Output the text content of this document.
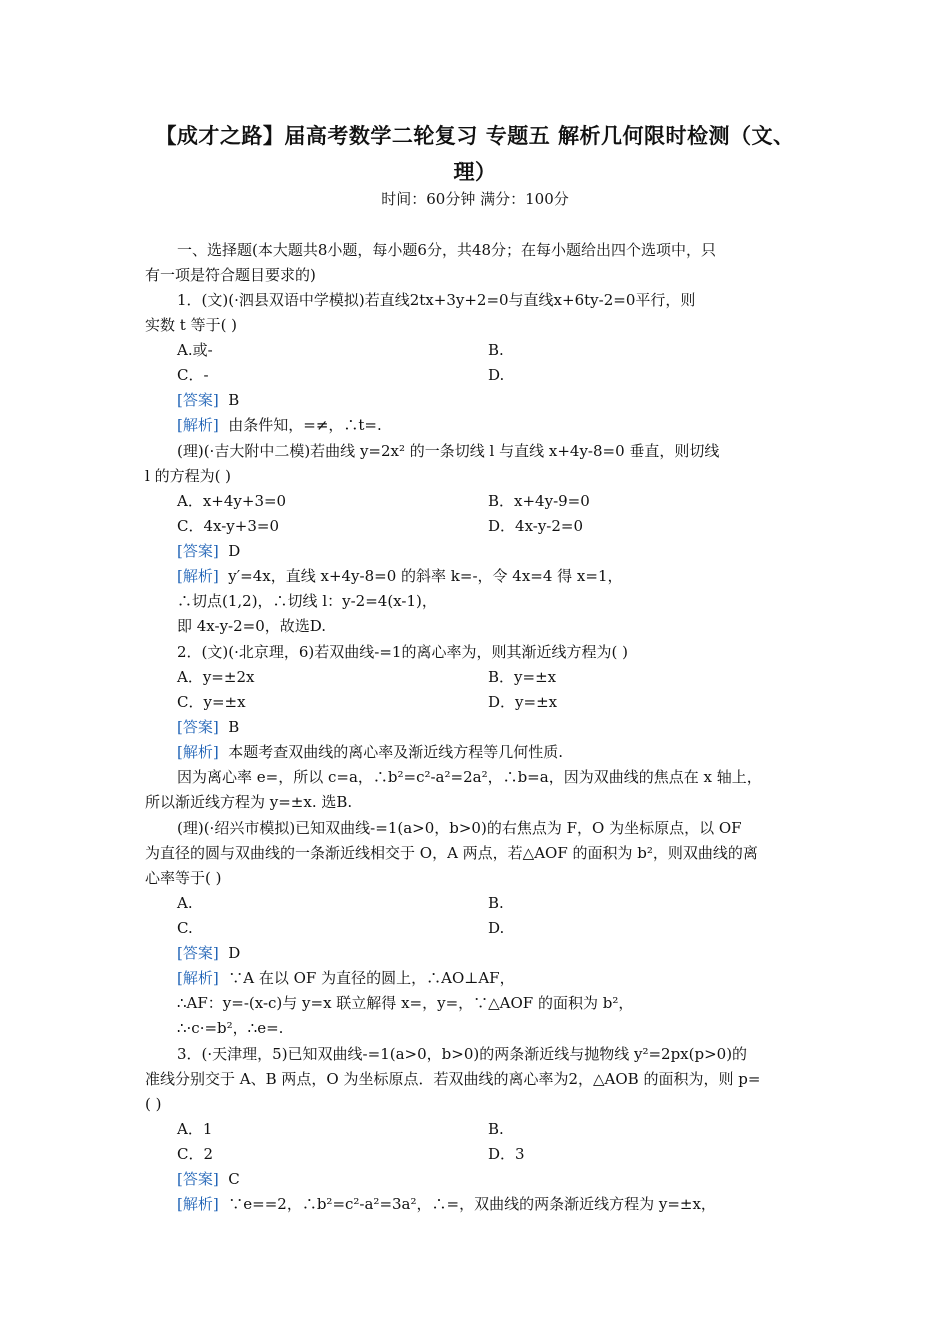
【成才之路】届高考数学二轮复习 专题五 解析几何限时检测（文、
理）
时间：60分钟 满分：100分
一、选择题(本大题共8小题，每小题6分，共48分；在每小题给出四个选项中，只
有一项是符合题目要求的)
1．(文)(·泗县双语中学模拟)若直线2tx+3y+2=0与直线x+6ty-2=0平行，则
实数 t 等于( )
A.或-	B.
C．-	D.
[答案] B
[解析] 由条件知，=≠，∴t=.
(理)(·吉大附中二模)若曲线 y=2x² 的一条切线 l 与直线 x+4y-8=0 垂直，则切线
l 的方程为( )
A．x+4y+3=0	B．x+4y-9=0
C．4x-y+3=0	D．4x-y-2=0
[答案] D
[解析] y′=4x，直线 x+4y-8=0 的斜率 k=-，令 4x=4 得 x=1，
∴切点(1,2)，∴切线 l：y-2=4(x-1)，
即 4x-y-2=0，故选D.
2．(文)(·北京理，6)若双曲线-=1的离心率为，则其渐近线方程为( )
A．y=±2x	B．y=±x
C．y=±x	D．y=±x
[答案] B
[解析] 本题考查双曲线的离心率及渐近线方程等几何性质.
因为离心率 e=，所以 c=a，∴b²=c²-a²=2a²，∴b=a，因为双曲线的焦点在 x 轴上，
所以渐近线方程为 y=±x. 选B.
(理)(·绍兴市模拟)已知双曲线-=1(a>0，b>0)的右焦点为 F，O 为坐标原点，以 OF
为直径的圆与双曲线的一条渐近线相交于 O，A 两点，若△AOF 的面积为 b²，则双曲线的离
心率等于( )
A.	B.
C.	D.
[答案] D
[解析] ∵A 在以 OF 为直径的圆上，∴AO⊥AF，
∴AF：y=-(x-c)与 y=x 联立解得 x=，y=，∵△AOF 的面积为 b²，
∴·c·=b²，∴e=.
3．(·天津理，5)已知双曲线-=1(a>0，b>0)的两条渐近线与抛物线 y²=2px(p>0)的
准线分别交于 A、B 两点，O 为坐标原点．若双曲线的离心率为2，△AOB 的面积为，则 p=
( )
A．1	B.
C．2	D．3
[答案] C
[解析] ∵e==2，∴b²=c²-a²=3a²，∴=，双曲线的两条渐近线方程为 y=±x，
